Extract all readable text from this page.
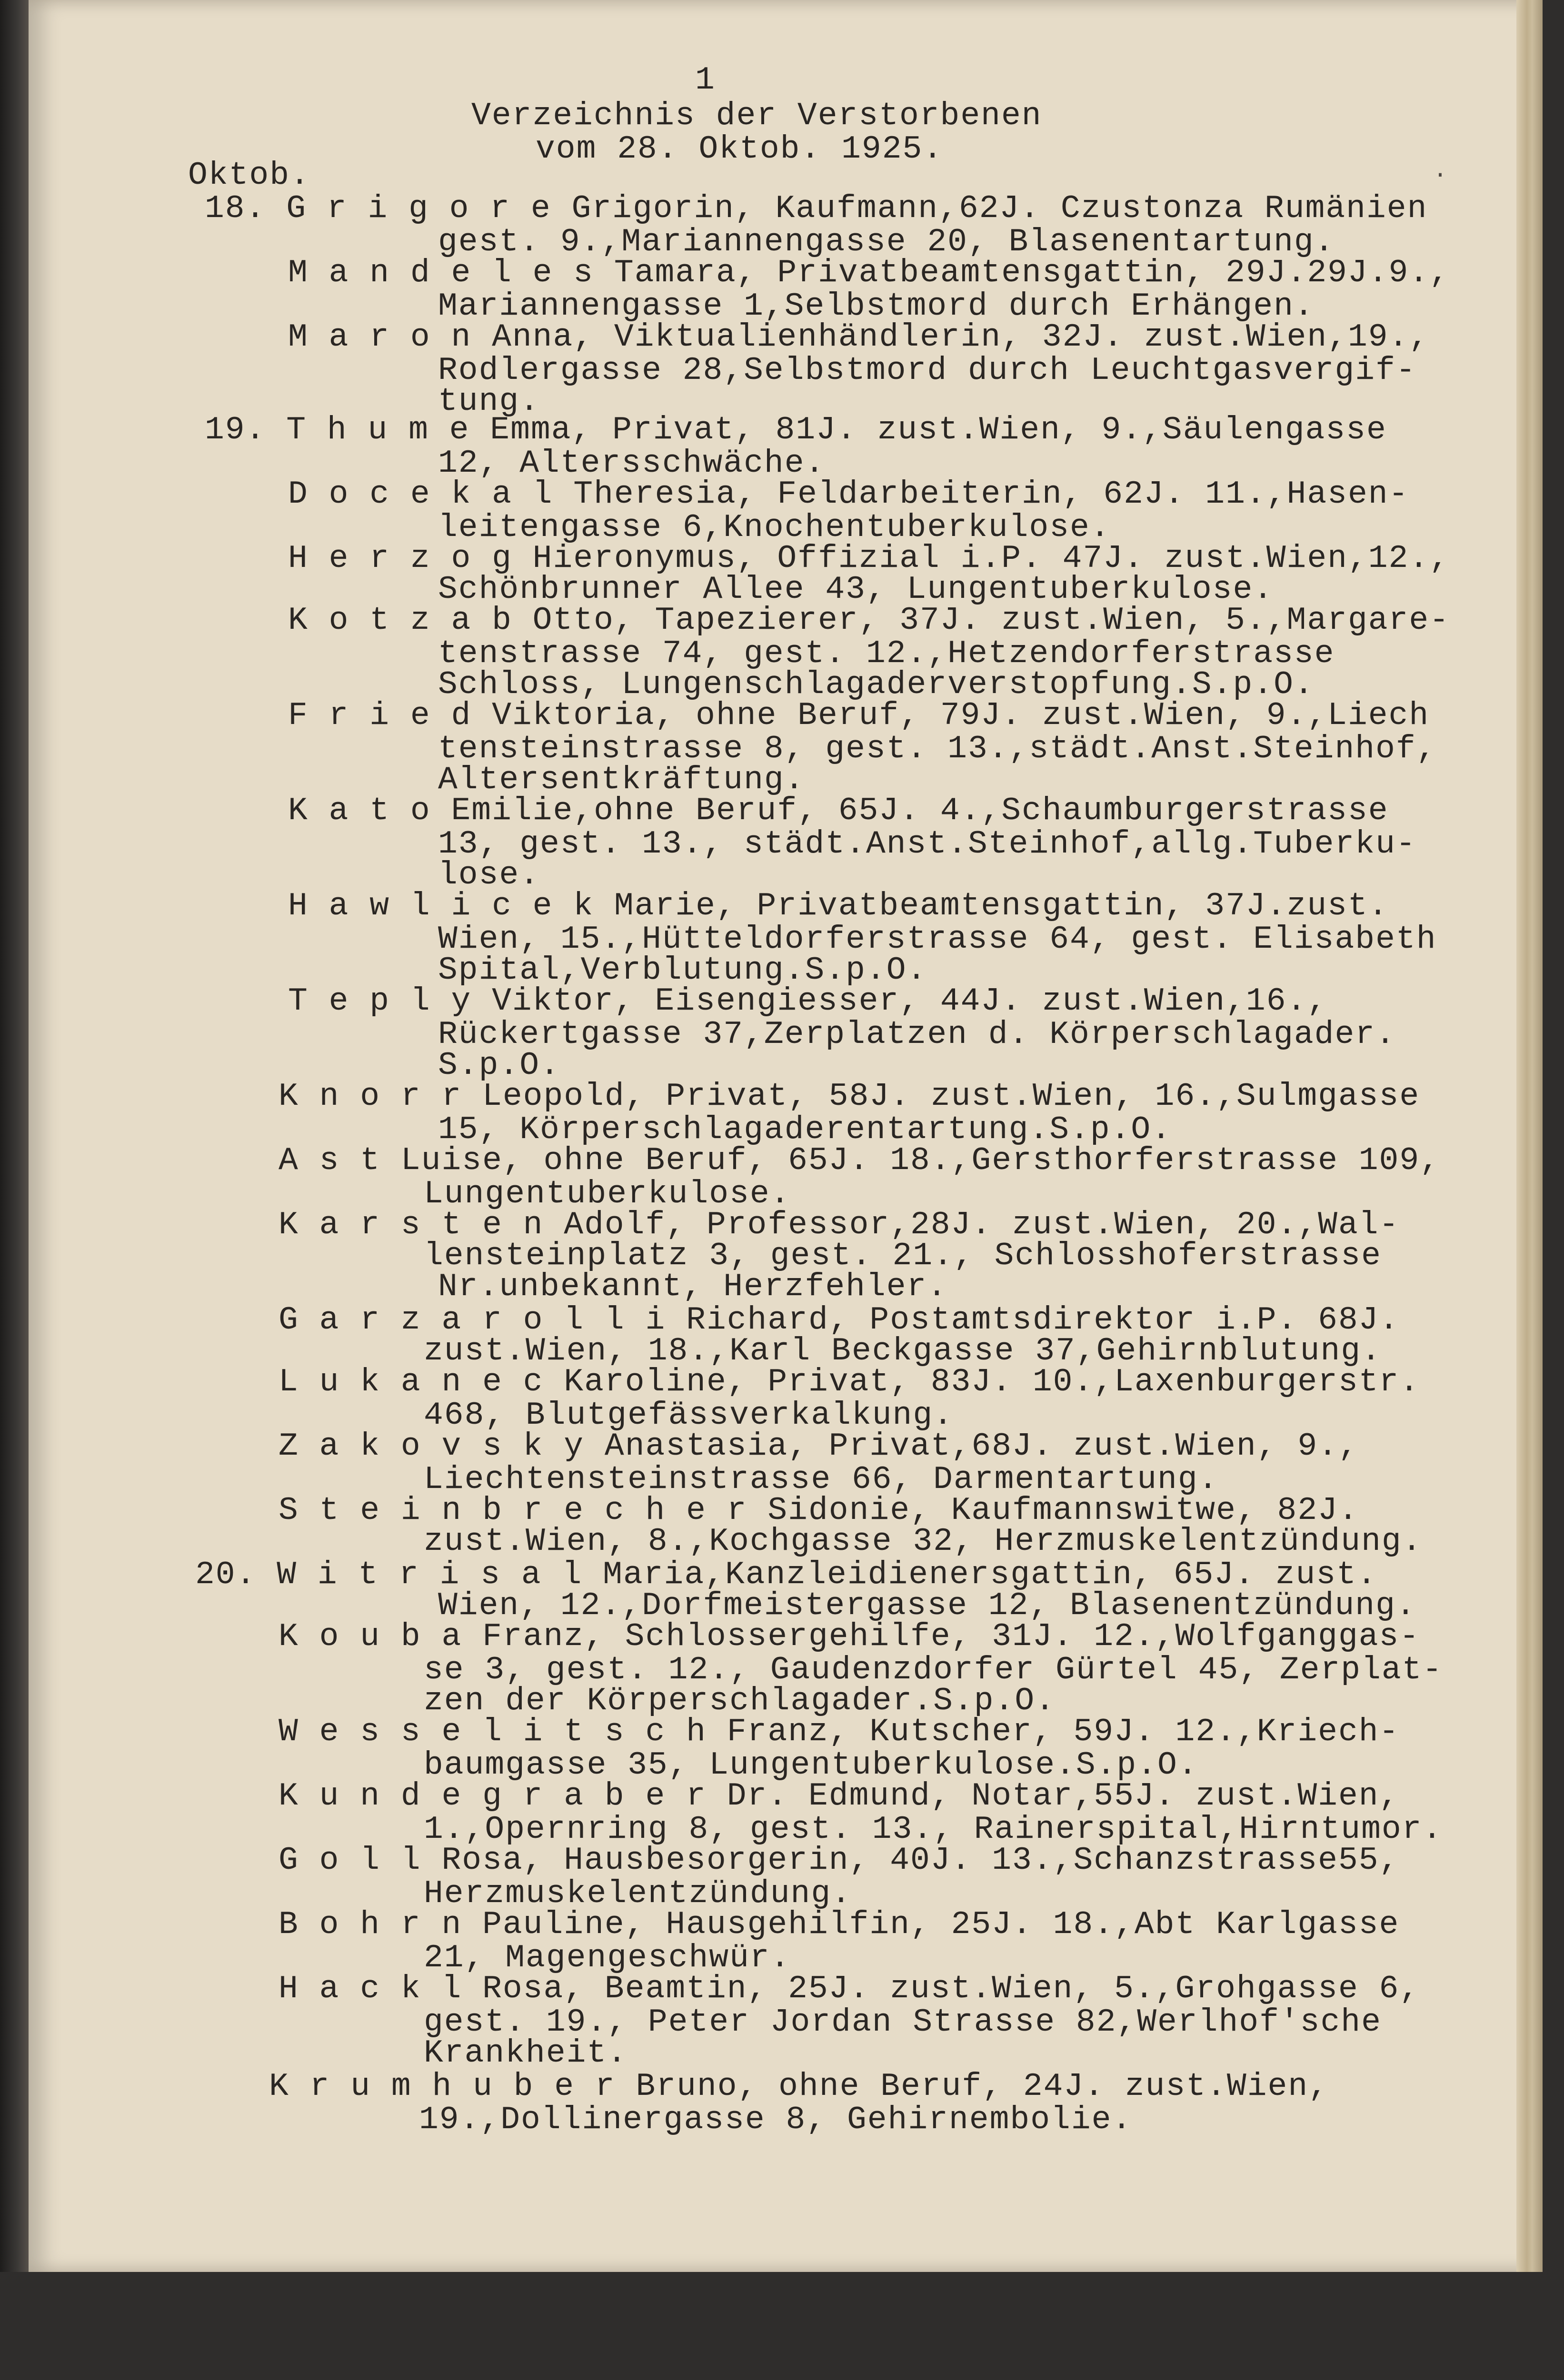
1

Verzeichnis der Verstorbenen

vom 28. Oktob. 1925.

Oktob.

	.

18. G r i g o r e Grigorin, Kaufmann,62J. Czustonza Rumänien

gest. 9.,Mariannengasse 20, Blasenentartung.

M a n d e l e s Tamara, Privatbeamtensgattin, 29J.29J.9.,

Mariannengasse 1,Selbstmord durch Erhängen.

M a r o n Anna, Viktualienhändlerin, 32J. zust.Wien,19.,

Rodlergasse 28,Selbstmord durch Leuchtgasvergif-

tung.

19. T h u m e Emma, Privat, 81J. zust.Wien, 9.,Säulengasse

12, Altersschwäche.

D o c e k a l Theresia, Feldarbeiterin, 62J. 11.,Hasen-

leitengasse 6,Knochentuberkulose.

H e r z o g Hieronymus, Offizial i.P. 47J. zust.Wien,12.,

Schönbrunner Allee 43, Lungentuberkulose.

K o t z a b Otto, Tapezierer, 37J. zust.Wien, 5.,Margare-

tenstrasse 74, gest. 12.,Hetzendorferstrasse

Schloss, Lungenschlagaderverstopfung.S.p.O.

F r i e d Viktoria, ohne Beruf, 79J. zust.Wien, 9.,Liech

tensteinstrasse 8, gest. 13.,städt.Anst.Steinhof,

Altersentkräftung.

K a t o Emilie,ohne Beruf, 65J. 4.,Schaumburgerstrasse

13, gest. 13., städt.Anst.Steinhof,allg.Tuberku-

lose.

H a w l i c e k Marie, Privatbeamtensgattin, 37J.zust.

Wien, 15.,Hütteldorferstrasse 64, gest. Elisabeth

Spital,Verblutung.S.p.O.

T e p l y Viktor, Eisengiesser, 44J. zust.Wien,16.,

Rückertgasse 37,Zerplatzen d. Körperschlagader.

S.p.O.

K n o r r Leopold, Privat, 58J. zust.Wien, 16.,Sulmgasse

15, Körperschlagaderentartung.S.p.O.

A s t Luise, ohne Beruf, 65J. 18.,Gersthorferstrasse 109,

Lungentuberkulose.

K a r s t e n Adolf, Professor,28J. zust.Wien, 20.,Wal-

lensteinplatz 3, gest. 21., Schlosshoferstrasse

Nr.unbekannt, Herzfehler.

G a r z a r o l l i Richard, Postamtsdirektor i.P. 68J.

zust.Wien, 18.,Karl Beckgasse 37,Gehirnblutung.

L u k a n e c Karoline, Privat, 83J. 10.,Laxenburgerstr.

468, Blutgefässverkalkung.

Z a k o v s k y Anastasia, Privat,68J. zust.Wien, 9.,

Liechtensteinstrasse 66, Darmentartung.

S t e i n b r e c h e r Sidonie, Kaufmannswitwe, 82J.

zust.Wien, 8.,Kochgasse 32, Herzmuskelentzündung.

20. W i t r i s a l Maria,Kanzleidienersgattin, 65J. zust.

Wien, 12.,Dorfmeistergasse 12, Blasenentzündung.

K o u b a Franz, Schlossergehilfe, 31J. 12.,Wolfganggas-

se 3, gest. 12., Gaudenzdorfer Gürtel 45, Zerplat-

zen der Körperschlagader.S.p.O.

W e s s e l i t s c h Franz, Kutscher, 59J. 12.,Kriech-

baumgasse 35, Lungentuberkulose.S.p.O.

K u n d e g r a b e r Dr. Edmund, Notar,55J. zust.Wien,

1.,Opernring 8, gest. 13., Rainerspital,Hirntumor.

G o l l Rosa, Hausbesorgerin, 40J. 13.,Schanzstrasse55,

Herzmuskelentzündung.

B o h r n Pauline, Hausgehilfin, 25J. 18.,Abt Karlgasse

21, Magengeschwür.

H a c k l Rosa, Beamtin, 25J. zust.Wien, 5.,Grohgasse 6,

gest. 19., Peter Jordan Strasse 82,Werlhof'sche

Krankheit.

K r u m h u b e r Bruno, ohne Beruf, 24J. zust.Wien,

19.,Dollinergasse 8, Gehirnembolie.
